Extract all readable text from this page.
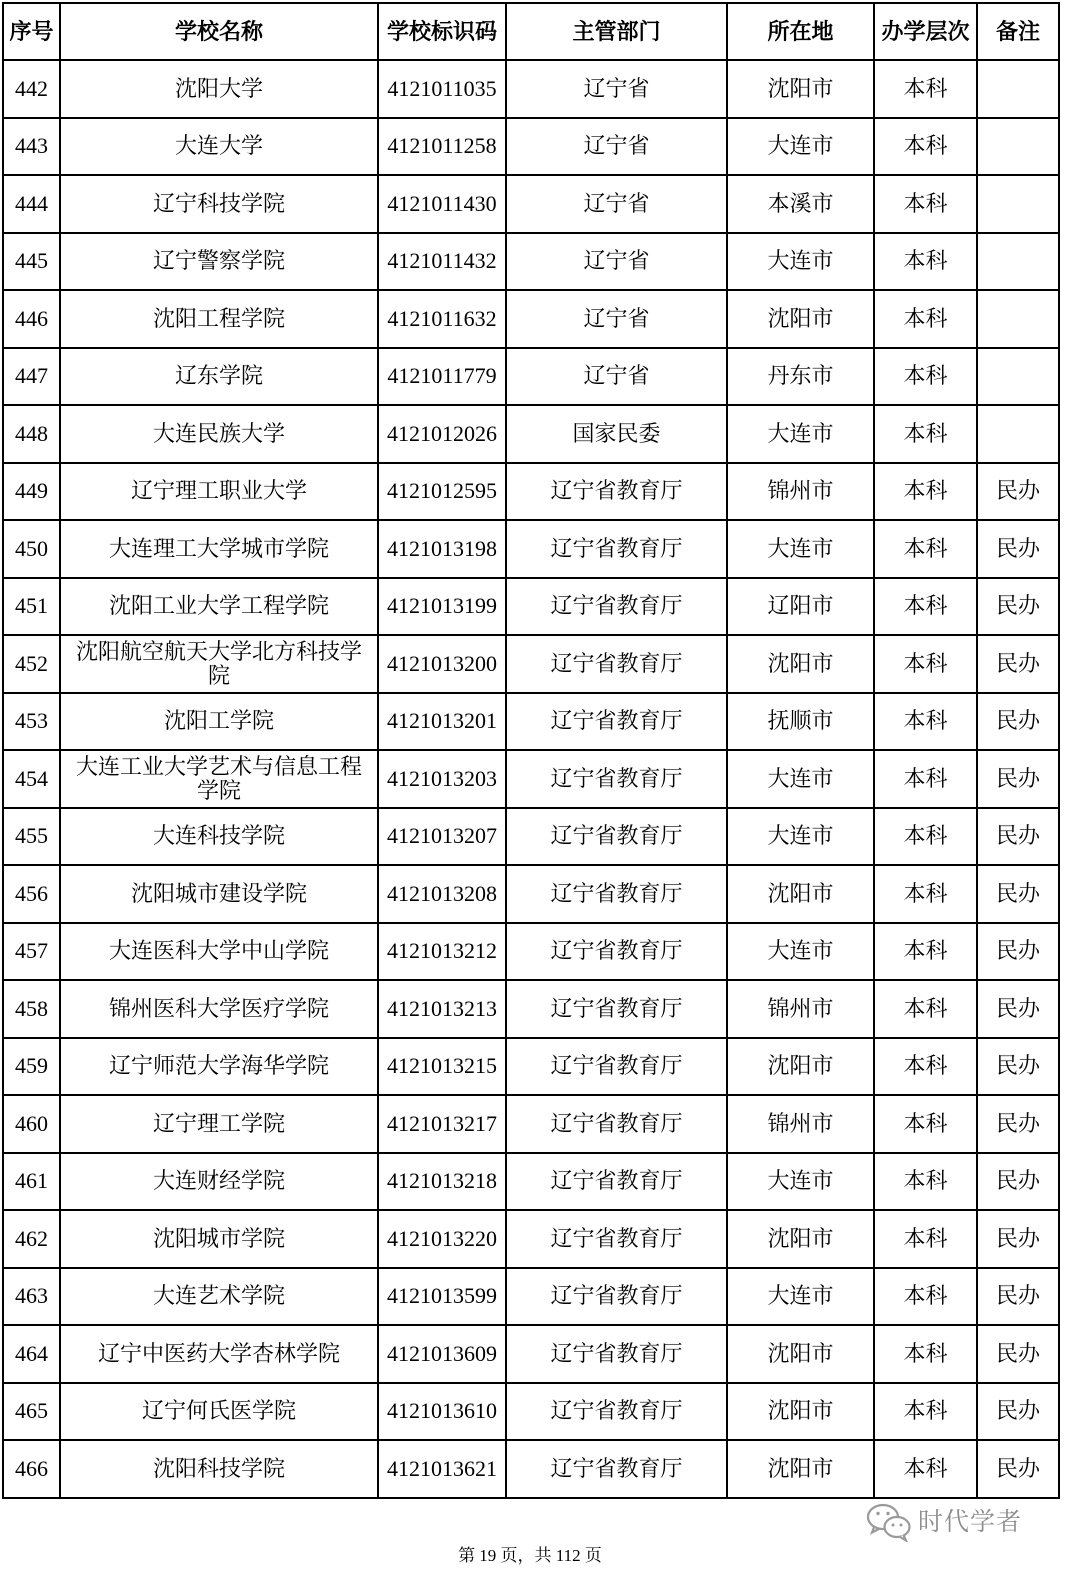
序号	学校名称	学校标识码	主管部门	所在地	办学层次	备注
442	沈阳大学	4121011035	辽宁省	沈阳市	本科	
443	大连大学	4121011258	辽宁省	大连市	本科	
444	辽宁科技学院	4121011430	辽宁省	本溪市	本科	
445	辽宁警察学院	4121011432	辽宁省	大连市	本科	
446	沈阳工程学院	4121011632	辽宁省	沈阳市	本科	
447	辽东学院	4121011779	辽宁省	丹东市	本科	
448	大连民族大学	4121012026	国家民委	大连市	本科	
449	辽宁理工职业大学	4121012595	辽宁省教育厅	锦州市	本科	民办
450	大连理工大学城市学院	4121013198	辽宁省教育厅	大连市	本科	民办
451	沈阳工业大学工程学院	4121013199	辽宁省教育厅	辽阳市	本科	民办
452	沈阳航空航天大学北方科技学院	4121013200	辽宁省教育厅	沈阳市	本科	民办
453	沈阳工学院	4121013201	辽宁省教育厅	抚顺市	本科	民办
454	大连工业大学艺术与信息工程学院	4121013203	辽宁省教育厅	大连市	本科	民办
455	大连科技学院	4121013207	辽宁省教育厅	大连市	本科	民办
456	沈阳城市建设学院	4121013208	辽宁省教育厅	沈阳市	本科	民办
457	大连医科大学中山学院	4121013212	辽宁省教育厅	大连市	本科	民办
458	锦州医科大学医疗学院	4121013213	辽宁省教育厅	锦州市	本科	民办
459	辽宁师范大学海华学院	4121013215	辽宁省教育厅	沈阳市	本科	民办
460	辽宁理工学院	4121013217	辽宁省教育厅	锦州市	本科	民办
461	大连财经学院	4121013218	辽宁省教育厅	大连市	本科	民办
462	沈阳城市学院	4121013220	辽宁省教育厅	沈阳市	本科	民办
463	大连艺术学院	4121013599	辽宁省教育厅	大连市	本科	民办
464	辽宁中医药大学杏林学院	4121013609	辽宁省教育厅	沈阳市	本科	民办
465	辽宁何氏医学院	4121013610	辽宁省教育厅	沈阳市	本科	民办
466	沈阳科技学院	4121013621	辽宁省教育厅	沈阳市	本科	民办
时代学者
第 19 页，共 112 页
